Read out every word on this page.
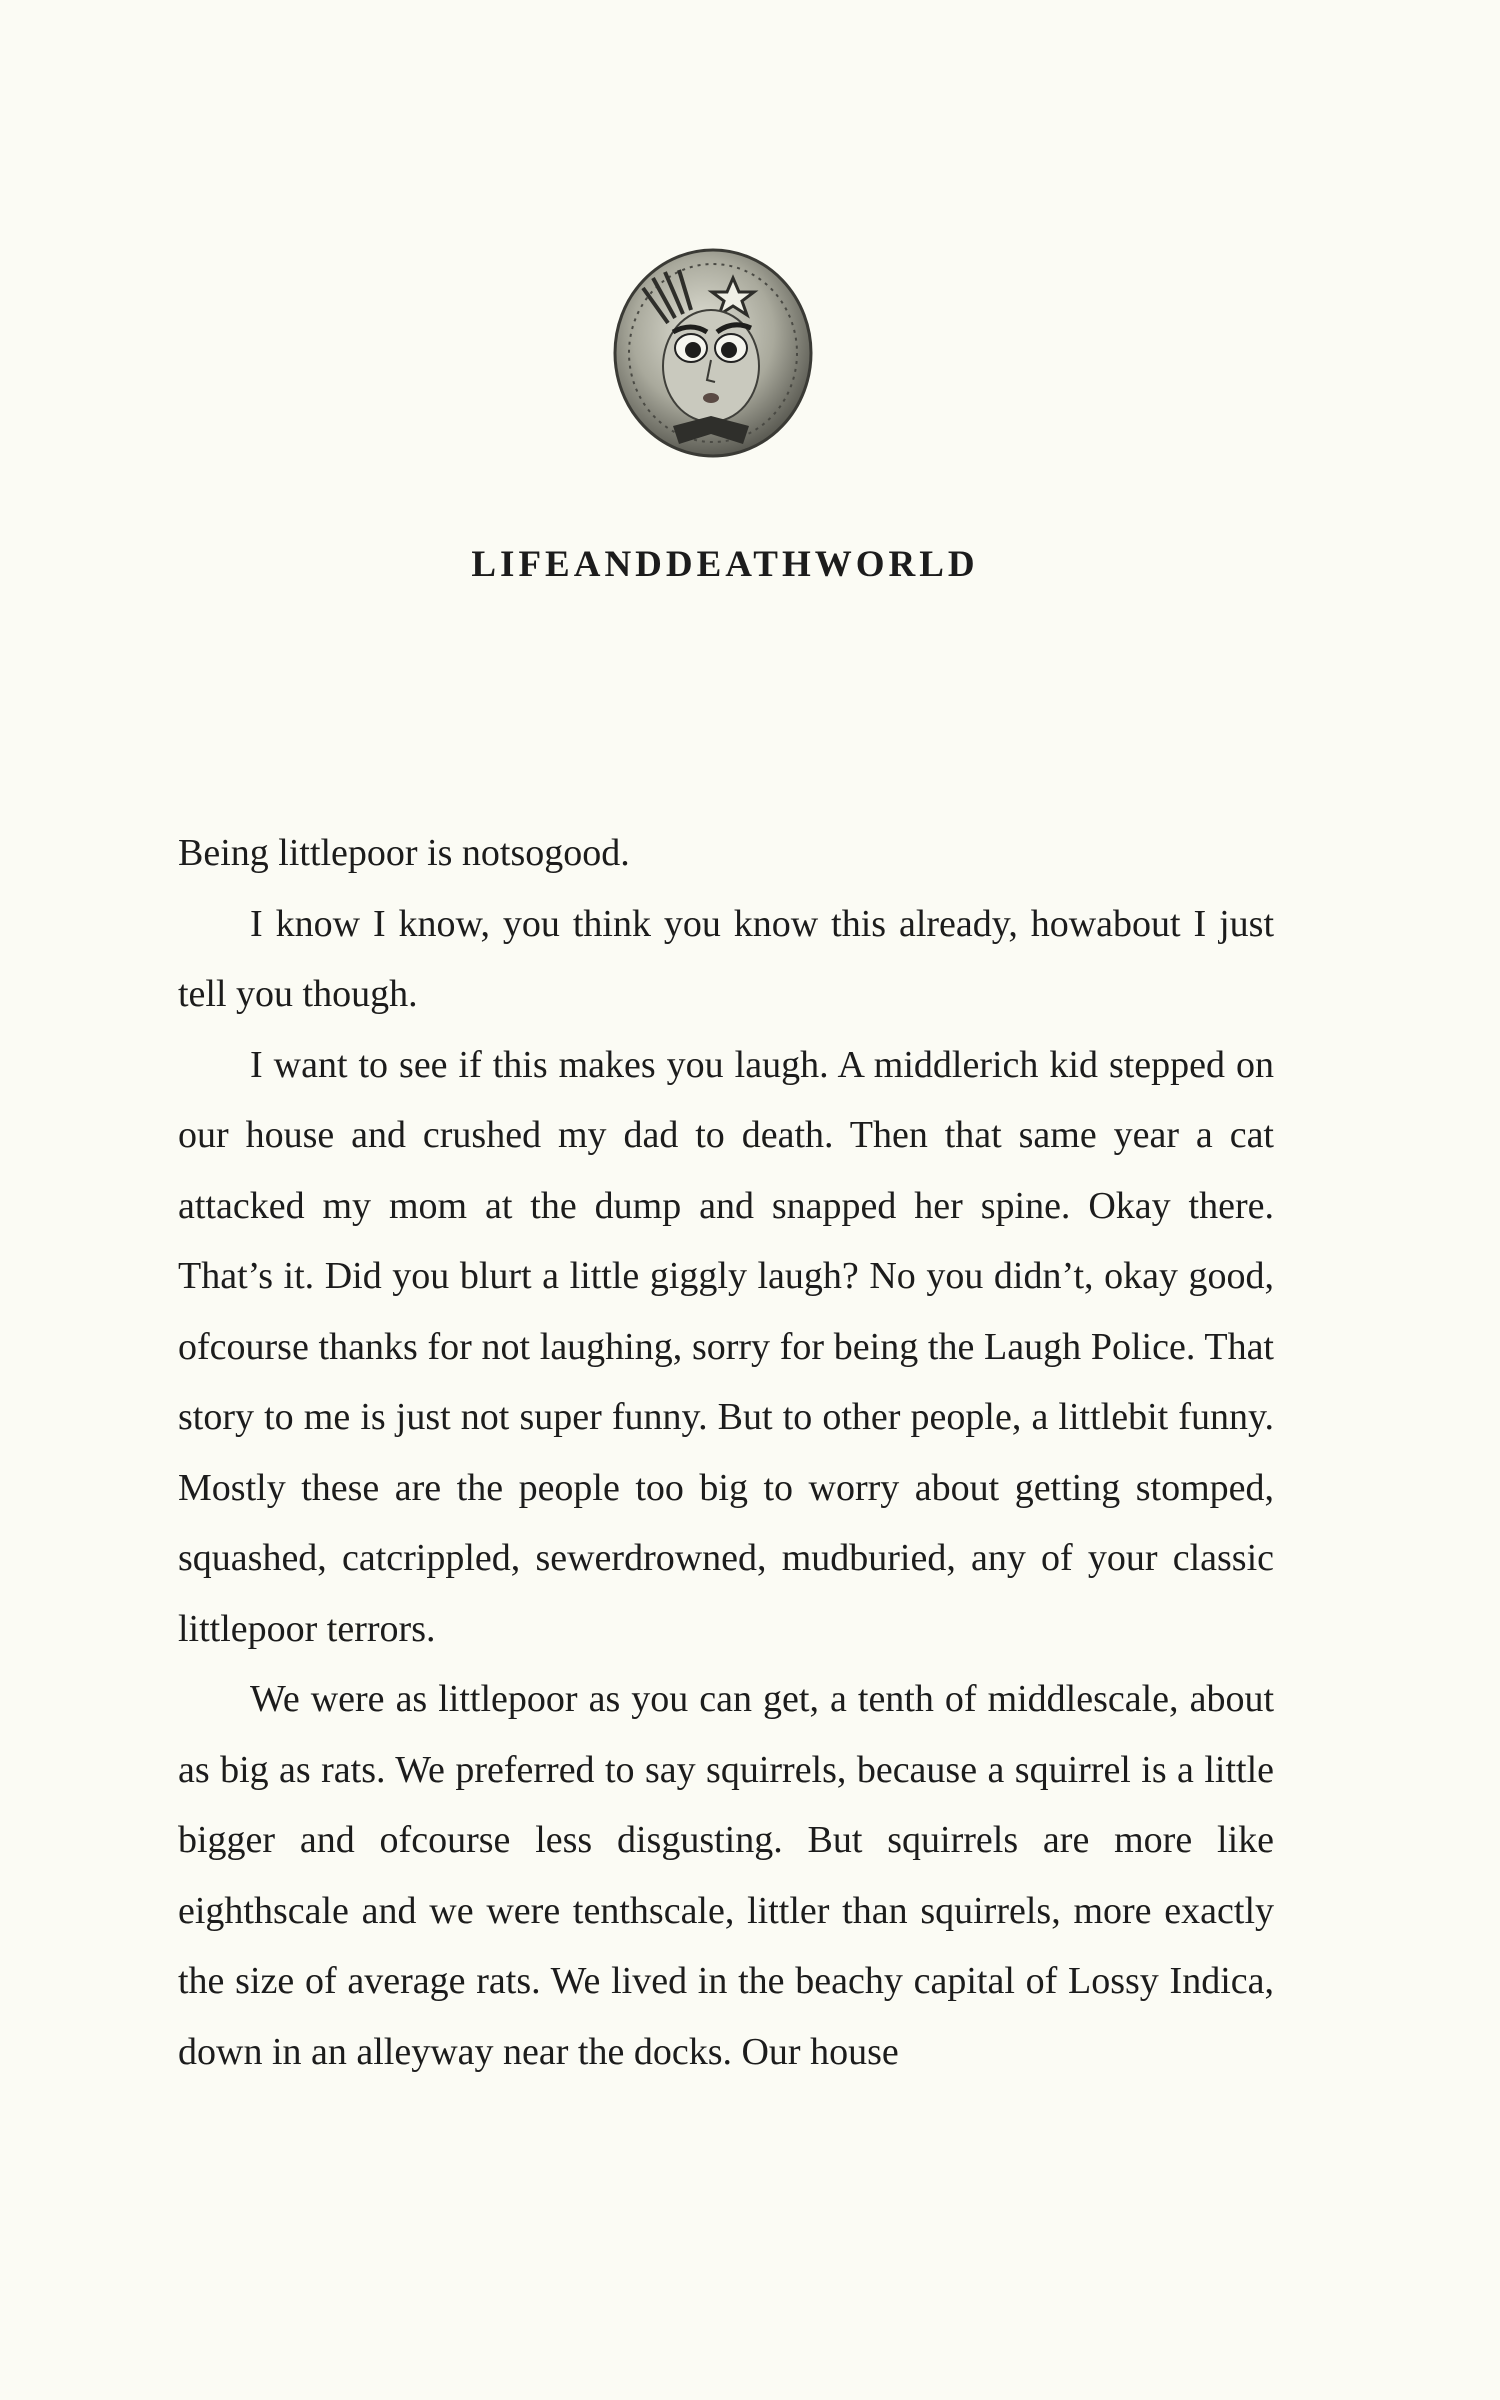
LIFEANDDEATHWORLD

Being littlepoor is notsogood.

I know I know, you think you know this already, howabout I just tell you though.

I want to see if this makes you laugh. A middlerich kid stepped on our house and crushed my dad to death. Then that same year a cat attacked my mom at the dump and snapped her spine. Okay there. That’s it. Did you blurt a little giggly laugh? No you didn’t, okay good, ofcourse thanks for not laughing, sorry for being the Laugh Police. That story to me is just not super funny. But to other people, a littlebit funny. Mostly these are the people too big to worry about getting stomped, squashed, catcrippled, sewerdrowned, mudburied, any of your classic littlepoor terrors.

We were as littlepoor as you can get, a tenth of middlescale, about as big as rats. We preferred to say squirrels, because a squirrel is a little bigger and ofcourse less disgusting. But squirrels are more like eighthscale and we were tenthscale, littler than squirrels, more exactly the size of average rats. We lived in the beachy capital of Lossy Indica, down in an alleyway near the docks. Our house
